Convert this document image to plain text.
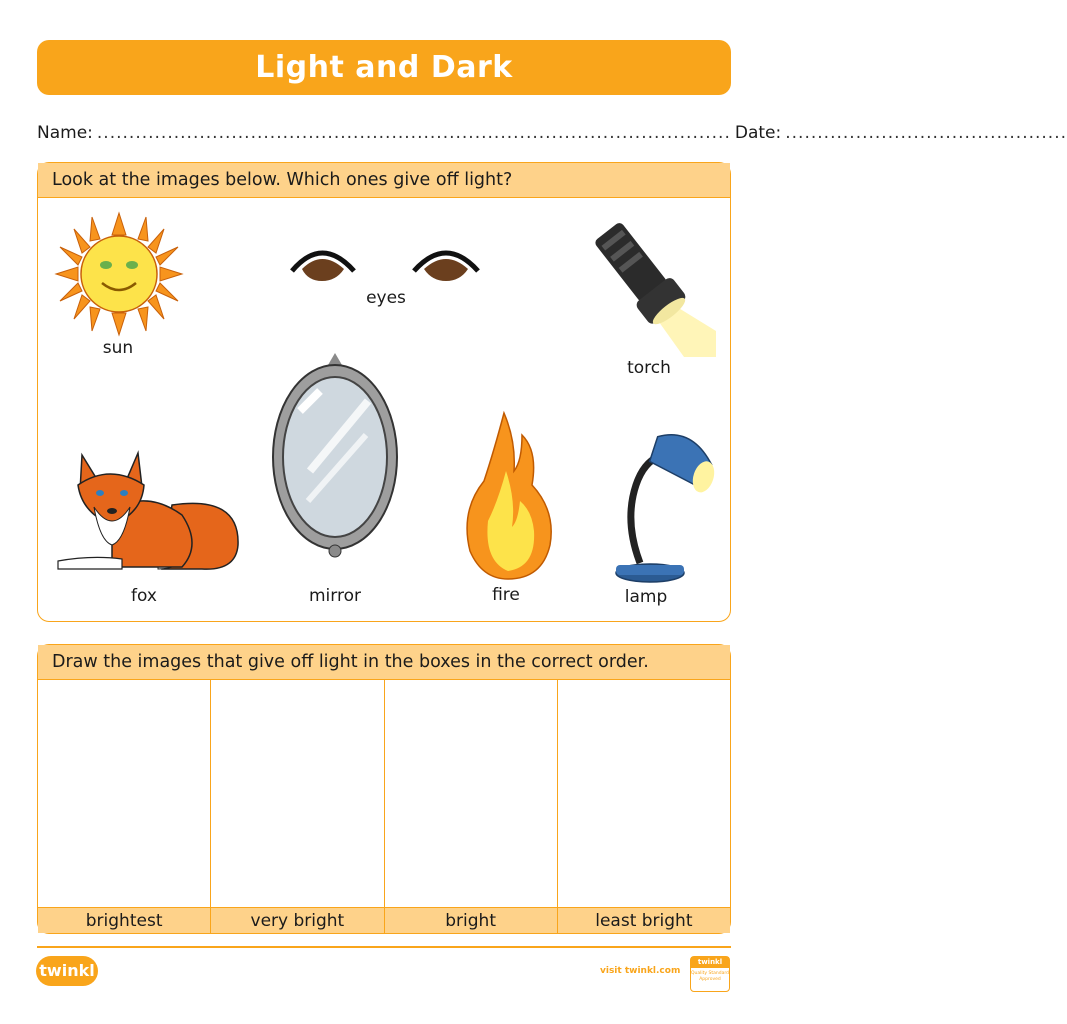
Light and Dark
Name: ................................................................................................... Date: ............................................
Look at the images below. Which ones give off light?
sun
eyes
torch
fox	mirror	fire	lamp
Draw the images that give off light in the boxes in the correct order.
brightest	very bright	bright	least bright
twinkl	visit twinkl.com
twinkl
Quality Standard Approved
